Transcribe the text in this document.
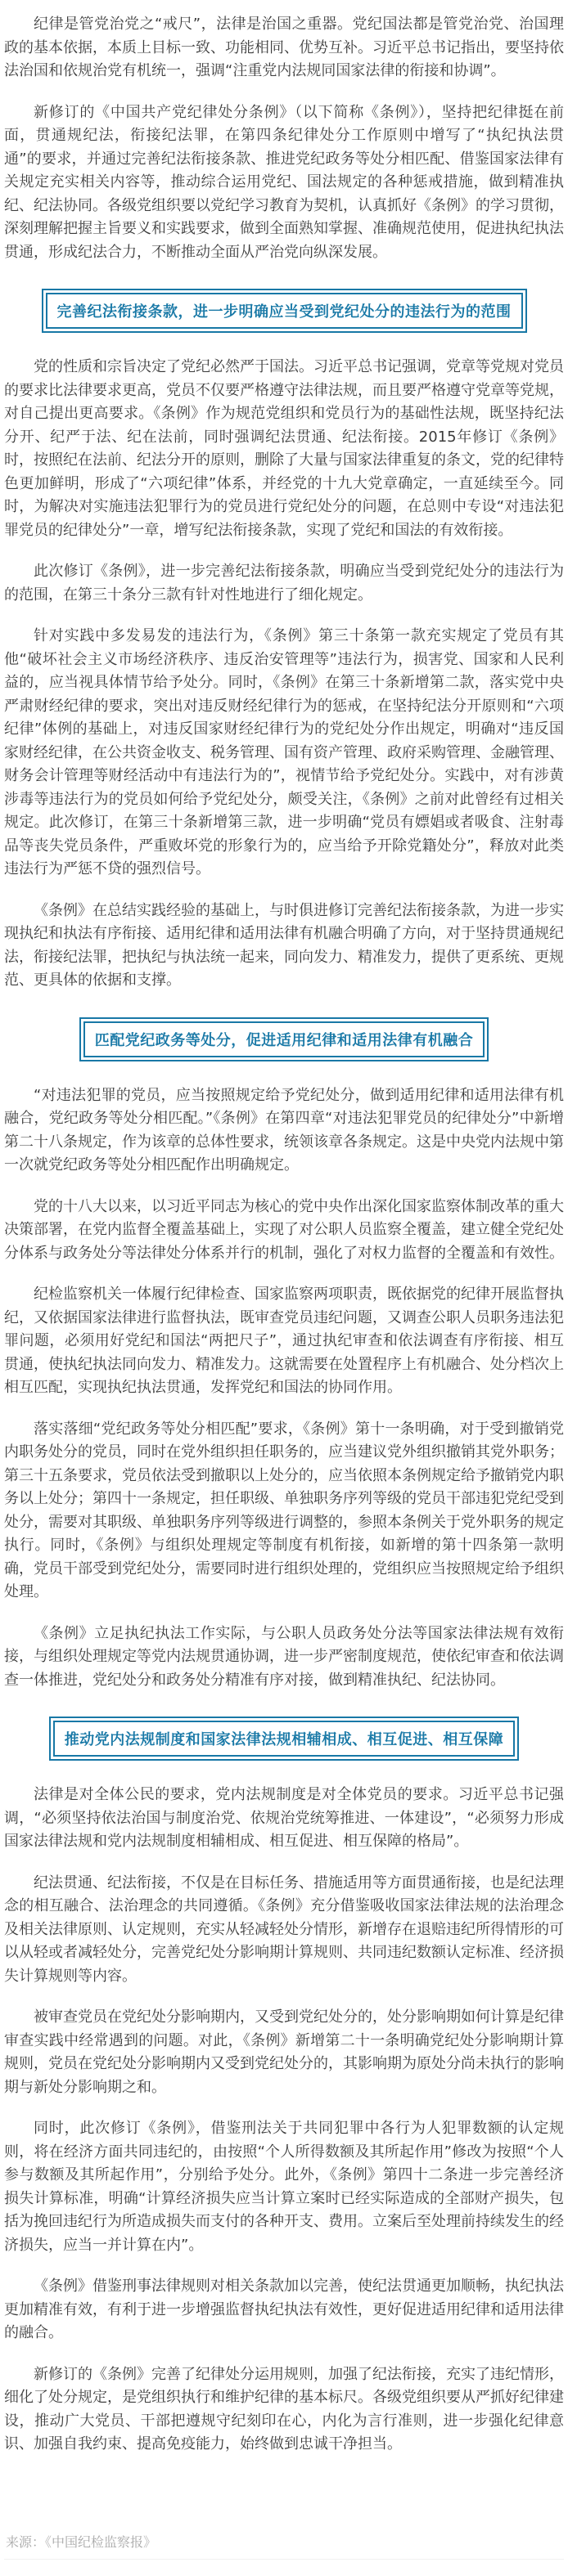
纪律是管党治党之“戒尺”，法律是治国之重器。党纪国法都是管党治党、治国理政的基本依据，本质上目标一致、功能相同、优势互补。习近平总书记指出，要坚持依法治国和依规治党有机统一，强调“注重党内法规同国家法律的衔接和协调”。

新修订的《中国共产党纪律处分条例》（以下简称《条例》），坚持把纪律挺在前面，贯通规纪法，衔接纪法罪，在第四条纪律处分工作原则中增写了“执纪执法贯通”的要求，并通过完善纪法衔接条款、推进党纪政务等处分相匹配、借鉴国家法律有关规定充实相关内容等，推动综合运用党纪、国法规定的各种惩戒措施，做到精准执纪、纪法协同。各级党组织要以党纪学习教育为契机，认真抓好《条例》的学习贯彻，深刻理解把握主旨要义和实践要求，做到全面熟知掌握、准确规范使用，促进执纪执法贯通，形成纪法合力，不断推动全面从严治党向纵深发展。

完善纪法衔接条款，进一步明确应当受到党纪处分的违法行为的范围

党的性质和宗旨决定了党纪必然严于国法。习近平总书记强调，党章等党规对党员的要求比法律要求更高，党员不仅要严格遵守法律法规，而且要严格遵守党章等党规，对自己提出更高要求。《条例》作为规范党组织和党员行为的基础性法规，既坚持纪法分开、纪严于法、纪在法前，同时强调纪法贯通、纪法衔接。2015年修订《条例》时，按照纪在法前、纪法分开的原则，删除了大量与国家法律重复的条文，党的纪律特色更加鲜明，形成了“六项纪律”体系，并经党的十九大党章确定，一直延续至今。同时，为解决对实施违法犯罪行为的党员进行党纪处分的问题，在总则中专设“对违法犯罪党员的纪律处分”一章，增写纪法衔接条款，实现了党纪和国法的有效衔接。

此次修订《条例》，进一步完善纪法衔接条款，明确应当受到党纪处分的违法行为的范围，在第三十条分三款有针对性地进行了细化规定。

针对实践中多发易发的违法行为，《条例》第三十条第一款充实规定了党员有其他“破坏社会主义市场经济秩序、违反治安管理等”违法行为，损害党、国家和人民利益的，应当视具体情节给予处分。同时，《条例》在第三十条新增第二款，落实党中央严肃财经纪律的要求，突出对违反财经纪律行为的惩戒，在坚持纪法分开原则和“六项纪律”体例的基础上，对违反国家财经纪律行为的党纪处分作出规定，明确对“违反国家财经纪律，在公共资金收支、税务管理、国有资产管理、政府采购管理、金融管理、财务会计管理等财经活动中有违法行为的”，视情节给予党纪处分。实践中，对有涉黄涉毒等违法行为的党员如何给予党纪处分，颇受关注，《条例》之前对此曾经有过相关规定。此次修订，在第三十条新增第三款，进一步明确“党员有嫖娼或者吸食、注射毒品等丧失党员条件，严重败坏党的形象行为的，应当给予开除党籍处分”，释放对此类违法行为严惩不贷的强烈信号。

《条例》在总结实践经验的基础上，与时俱进修订完善纪法衔接条款，为进一步实现执纪和执法有序衔接、适用纪律和适用法律有机融合明确了方向，对于坚持贯通规纪法，衔接纪法罪，把执纪与执法统一起来，同向发力、精准发力，提供了更系统、更规范、更具体的依据和支撑。

匹配党纪政务等处分，促进适用纪律和适用法律有机融合

“对违法犯罪的党员，应当按照规定给予党纪处分，做到适用纪律和适用法律有机融合，党纪政务等处分相匹配。”《条例》在第四章“对违法犯罪党员的纪律处分”中新增第二十八条规定，作为该章的总体性要求，统领该章各条规定。这是中央党内法规中第一次就党纪政务等处分相匹配作出明确规定。

党的十八大以来，以习近平同志为核心的党中央作出深化国家监察体制改革的重大决策部署，在党内监督全覆盖基础上，实现了对公职人员监察全覆盖，建立健全党纪处分体系与政务处分等法律处分体系并行的机制，强化了对权力监督的全覆盖和有效性。

纪检监察机关一体履行纪律检查、国家监察两项职责，既依据党的纪律开展监督执纪，又依据国家法律进行监督执法，既审查党员违纪问题，又调查公职人员职务违法犯罪问题，必须用好党纪和国法“两把尺子”，通过执纪审查和依法调查有序衔接、相互贯通，使执纪执法同向发力、精准发力。这就需要在处置程序上有机融合、处分档次上相互匹配，实现执纪执法贯通，发挥党纪和国法的协同作用。

落实落细“党纪政务等处分相匹配”要求，《条例》第十一条明确，对于受到撤销党内职务处分的党员，同时在党外组织担任职务的，应当建议党外组织撤销其党外职务；第三十五条要求，党员依法受到撤职以上处分的，应当依照本条例规定给予撤销党内职务以上处分；第四十一条规定，担任职级、单独职务序列等级的党员干部违犯党纪受到处分，需要对其职级、单独职务序列等级进行调整的，参照本条例关于党外职务的规定执行。同时，《条例》与组织处理规定等制度有机衔接，如新增的第十四条第一款明确，党员干部受到党纪处分，需要同时进行组织处理的，党组织应当按照规定给予组织处理。

《条例》立足执纪执法工作实际，与公职人员政务处分法等国家法律法规有效衔接，与组织处理规定等党内法规贯通协调，进一步严密制度规范，使依纪审查和依法调查一体推进，党纪处分和政务处分精准有序对接，做到精准执纪、纪法协同。

推动党内法规制度和国家法律法规相辅相成、相互促进、相互保障

法律是对全体公民的要求，党内法规制度是对全体党员的要求。习近平总书记强调，“必须坚持依法治国与制度治党、依规治党统筹推进、一体建设”，“必须努力形成国家法律法规和党内法规制度相辅相成、相互促进、相互保障的格局”。

纪法贯通、纪法衔接，不仅是在目标任务、措施适用等方面贯通衔接，也是纪法理念的相互融合、法治理念的共同遵循。《条例》充分借鉴吸收国家法律法规的法治理念及相关法律原则、认定规则，充实从轻减轻处分情形，新增存在退赔违纪所得情形的可以从轻或者减轻处分，完善党纪处分影响期计算规则、共同违纪数额认定标准、经济损失计算规则等内容。

被审查党员在党纪处分影响期内，又受到党纪处分的，处分影响期如何计算是纪律审查实践中经常遇到的问题。对此，《条例》新增第二十一条明确党纪处分影响期计算规则，党员在党纪处分影响期内又受到党纪处分的，其影响期为原处分尚未执行的影响期与新处分影响期之和。

同时，此次修订《条例》，借鉴刑法关于共同犯罪中各行为人犯罪数额的认定规则，将在经济方面共同违纪的，由按照“个人所得数额及其所起作用”修改为按照“个人参与数额及其所起作用”，分别给予处分。此外，《条例》第四十二条进一步完善经济损失计算标准，明确“计算经济损失应当计算立案时已经实际造成的全部财产损失，包括为挽回违纪行为所造成损失而支付的各种开支、费用。立案后至处理前持续发生的经济损失，应当一并计算在内”。

《条例》借鉴刑事法律规则对相关条款加以完善，使纪法贯通更加顺畅，执纪执法更加精准有效，有利于进一步增强监督执纪执法有效性，更好促进适用纪律和适用法律的融合。

新修订的《条例》完善了纪律处分运用规则，加强了纪法衔接，充实了违纪情形，细化了处分规定，是党组织执行和维护纪律的基本标尺。各级党组织要从严抓好纪律建设，推动广大党员、干部把遵规守纪刻印在心，内化为言行准则，进一步强化纪律意识、加强自我约束、提高免疫能力，始终做到忠诚干净担当。

来源：《中国纪检监察报》
